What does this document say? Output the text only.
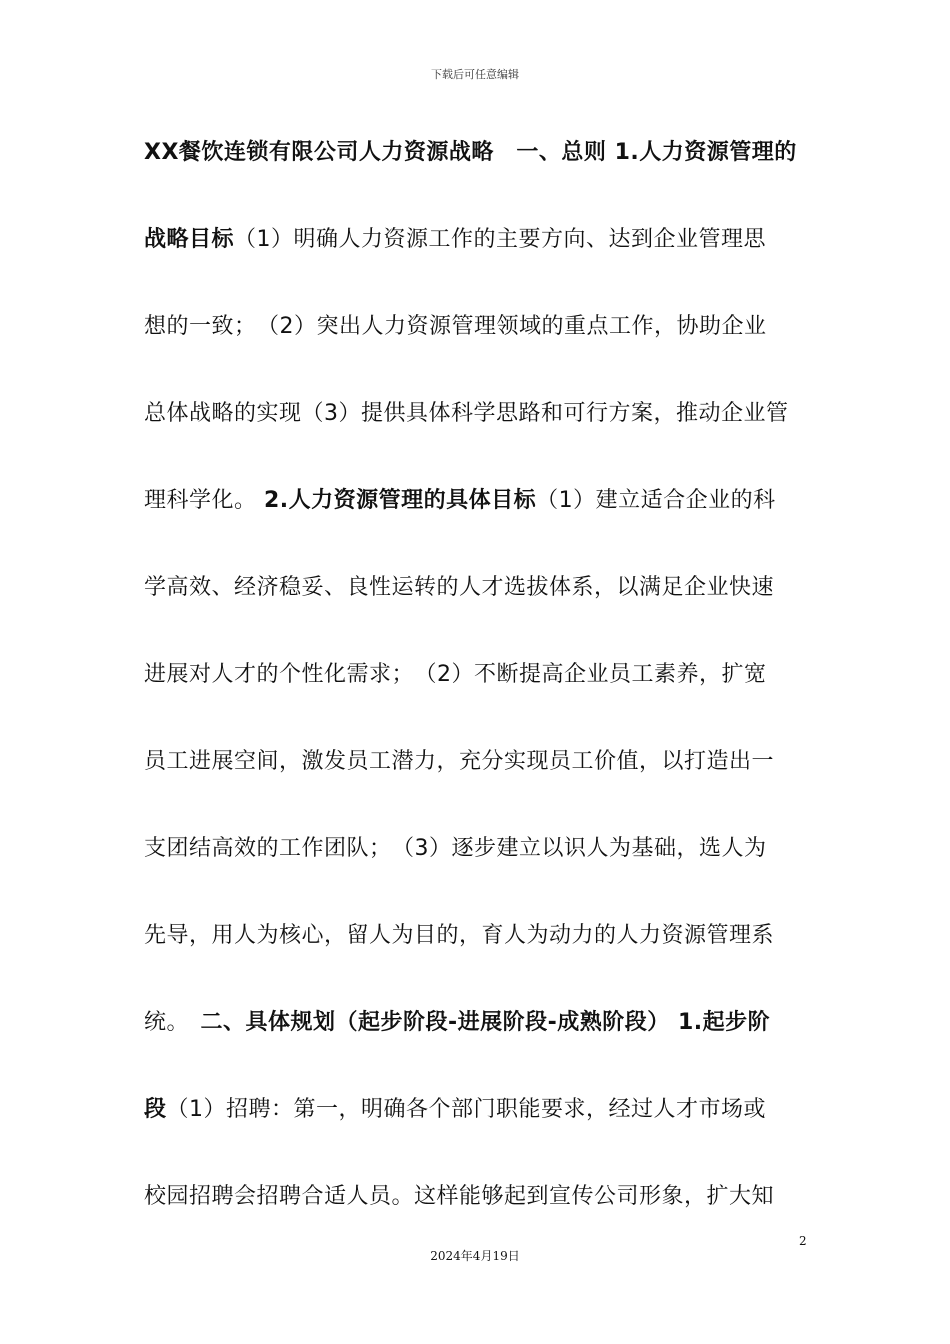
下载后可任意编辑
XX餐饮连锁有限公司人力资源战略　一、总则 1.人力资源管理的
战略目标（1）明确人力资源工作的主要方向、达到企业管理思
想的一致；　（2）突出人力资源管理领域的重点工作，协助企业
总体战略的实现（3）提供具体科学思路和可行方案，推动企业管
理科学化。 2.人力资源管理的具体目标（1）建立适合企业的科
学高效、经济稳妥、良性运转的人才选拔体系，以满足企业快速
进展对人才的个性化需求；　（2）不断提高企业员工素养，扩宽
员工进展空间，激发员工潜力，充分实现员工价值，以打造出一
支团结高效的工作团队；　（3）逐步建立以识人为基础，选人为
先导，用人为核心，留人为目的，育人为动力的人力资源管理系
统。　二、具体规划（起步阶段-进展阶段-成熟阶段） 1.起步阶
段（1）招聘：第一，明确各个部门职能要求，经过人才市场或
校园招聘会招聘合适人员。这样能够起到宣传公司形象，扩大知
2
2024年4月19日
